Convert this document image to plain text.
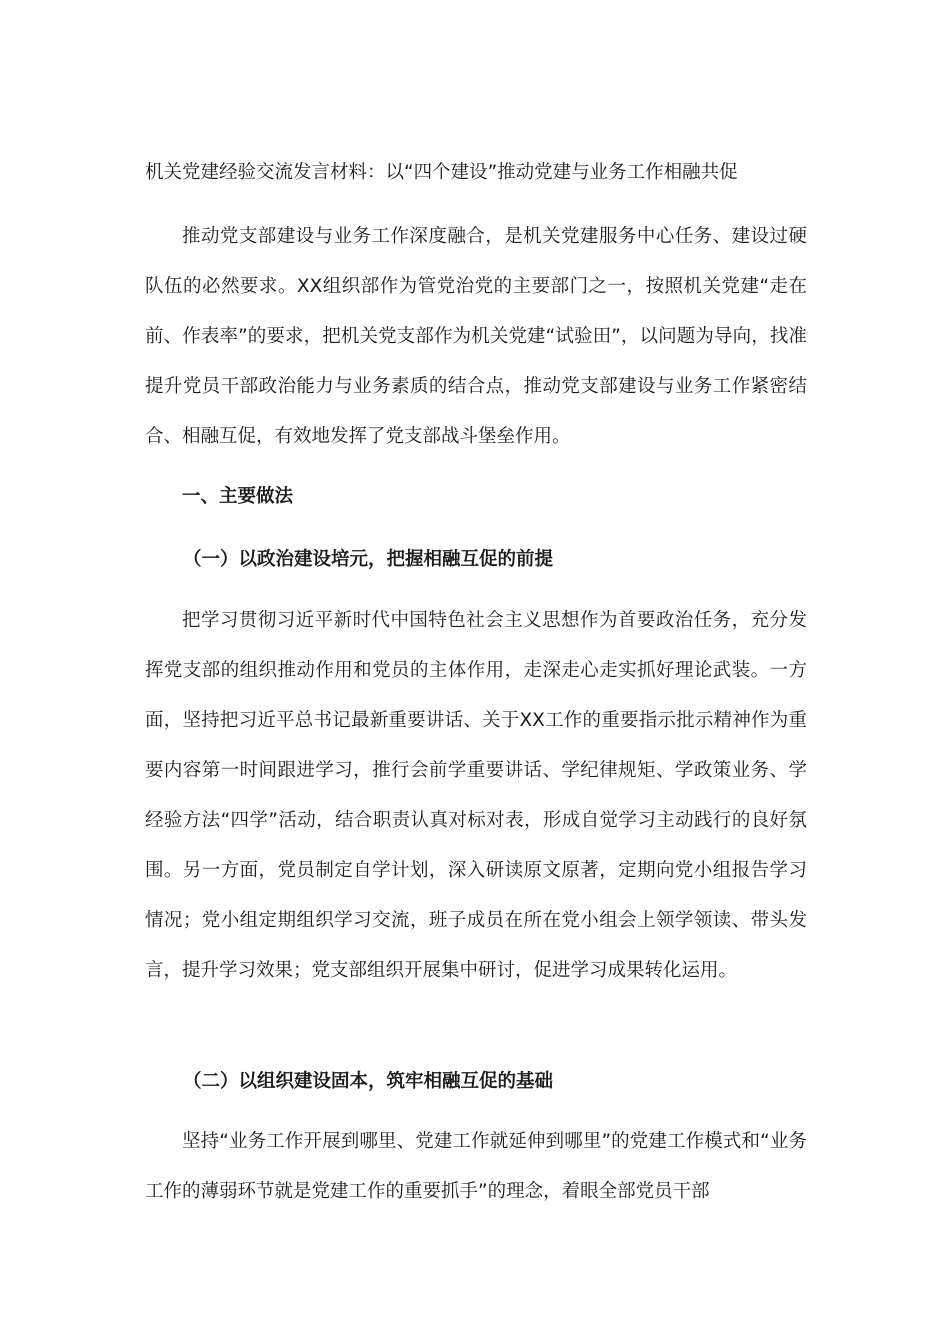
机关党建经验交流发言材料：以“四个建设”推动党建与业务工作相融共促

推动党支部建设与业务工作深度融合，是机关党建服务中心任务、建设过硬队伍的必然要求。XX组织部作为管党治党的主要部门之一，按照机关党建“走在前、作表率”的要求，把机关党支部作为机关党建“试验田”，以问题为导向，找准提升党员干部政治能力与业务素质的结合点，推动党支部建设与业务工作紧密结合、相融互促，有效地发挥了党支部战斗堡垒作用。

一、主要做法
（一）以政治建设培元，把握相融互促的前提

把学习贯彻习近平新时代中国特色社会主义思想作为首要政治任务，充分发挥党支部的组织推动作用和党员的主体作用，走深走心走实抓好理论武装。一方面，坚持把习近平总书记最新重要讲话、关于XX工作的重要指示批示精神作为重要内容第一时间跟进学习，推行会前学重要讲话、学纪律规矩、学政策业务、学经验方法“四学”活动，结合职责认真对标对表，形成自觉学习主动践行的良好氛围。另一方面，党员制定自学计划，深入研读原文原著，定期向党小组报告学习情况；党小组定期组织学习交流，班子成员在所在党小组会上领学领读、带头发言，提升学习效果；党支部组织开展集中研讨，促进学习成果转化运用。

（二）以组织建设固本，筑牢相融互促的基础

坚持“业务工作开展到哪里、党建工作就延伸到哪里”的党建工作模式和“业务工作的薄弱环节就是党建工作的重要抓手”的理念，着眼全部党员干部
